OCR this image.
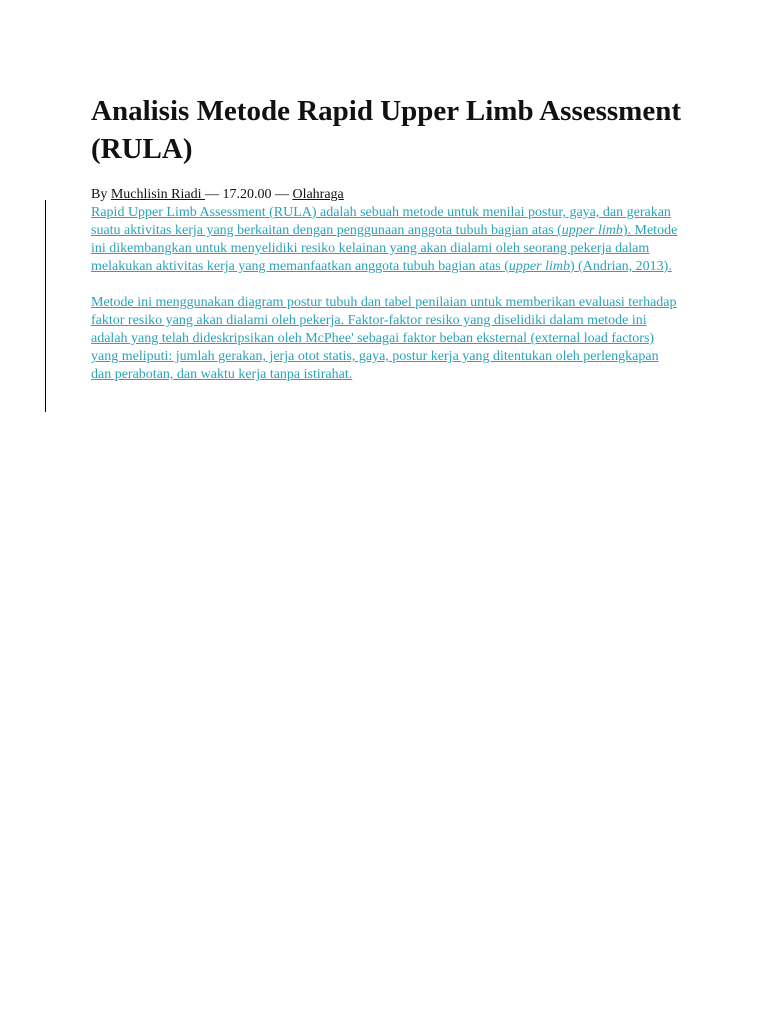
Analisis Metode Rapid Upper Limb Assessment (RULA)
By Muchlisin Riadi — 17.20.00 — Olahraga

Rapid Upper Limb Assessment (RULA) adalah sebuah metode untuk menilai postur, gaya, dan gerakan suatu aktivitas kerja yang berkaitan dengan penggunaan anggota tubuh bagian atas (upper limb). Metode ini dikembangkan untuk menyelidiki resiko kelainan yang akan dialami oleh seorang pekerja dalam melakukan aktivitas kerja yang memanfaatkan anggota tubuh bagian atas (upper limb) (Andrian, 2013).

Metode ini menggunakan diagram postur tubuh dan tabel penilaian untuk memberikan evaluasi terhadap faktor resiko yang akan dialami oleh pekerja. Faktor-faktor resiko yang diselidiki dalam metode ini adalah yang telah dideskripsikan oleh McPhee' sebagai faktor beban eksternal (external load factors) yang meliputi: jumlah gerakan, jerja otot statis, gaya, postur kerja yang ditentukan oleh perlengkapan dan perabotan, dan waktu kerja tanpa istirahat.
